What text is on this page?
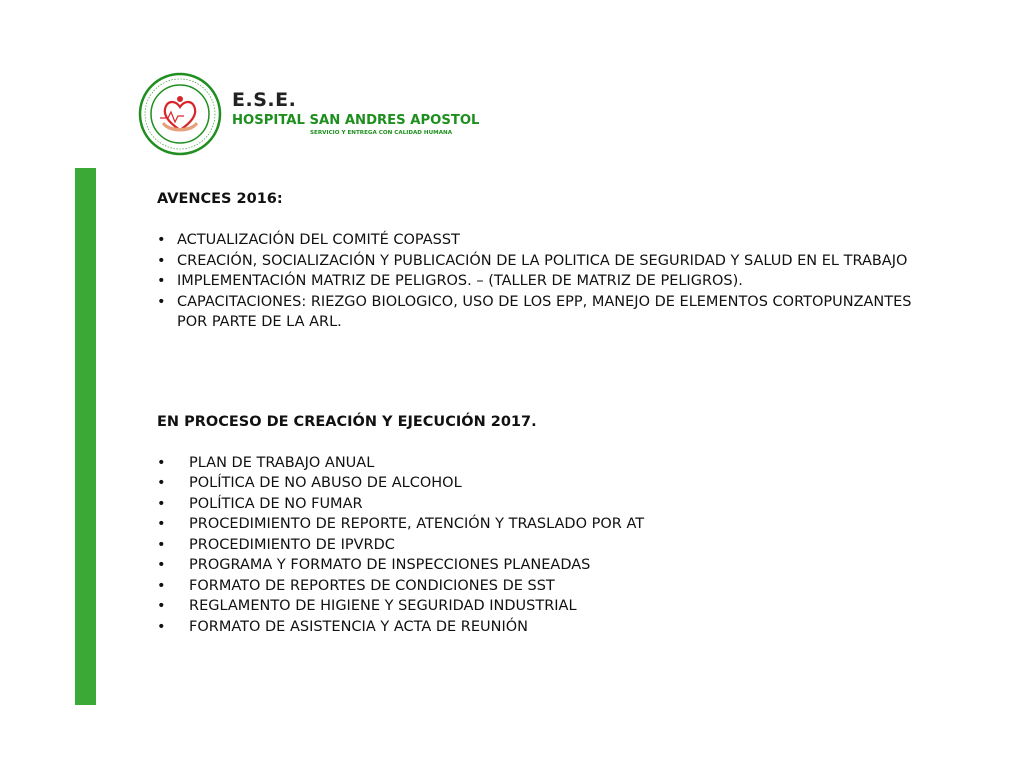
E.S.E.
HOSPITAL SAN ANDRES APOSTOL
SERVICIO Y ENTREGA CON CALIDAD HUMANA
AVENCES 2016:
• ACTUALIZACIÓN DEL COMITÉ COPASST
• CREACIÓN, SOCIALIZACIÓN Y PUBLICACIÓN DE LA POLITICA DE SEGURIDAD Y SALUD EN EL TRABAJO
• IMPLEMENTACIÓN MATRIZ DE PELIGROS. – (TALLER DE MATRIZ DE PELIGROS).
• CAPACITACIONES: RIEZGO BIOLOGICO, USO DE LOS EPP, MANEJO DE ELEMENTOS CORTOPUNZANTES POR PARTE DE LA ARL.
EN PROCESO DE CREACIÓN Y EJECUCIÓN 2017.
• PLAN DE TRABAJO ANUAL
• POLÍTICA DE NO ABUSO DE ALCOHOL
• POLÍTICA DE NO FUMAR
• PROCEDIMIENTO DE REPORTE, ATENCIÓN Y TRASLADO POR AT
• PROCEDIMIENTO DE IPVRDC
• PROGRAMA Y FORMATO DE INSPECCIONES PLANEADAS
• FORMATO DE REPORTES DE CONDICIONES DE SST
• REGLAMENTO DE HIGIENE Y SEGURIDAD INDUSTRIAL
• FORMATO DE ASISTENCIA Y ACTA DE REUNIÓN
